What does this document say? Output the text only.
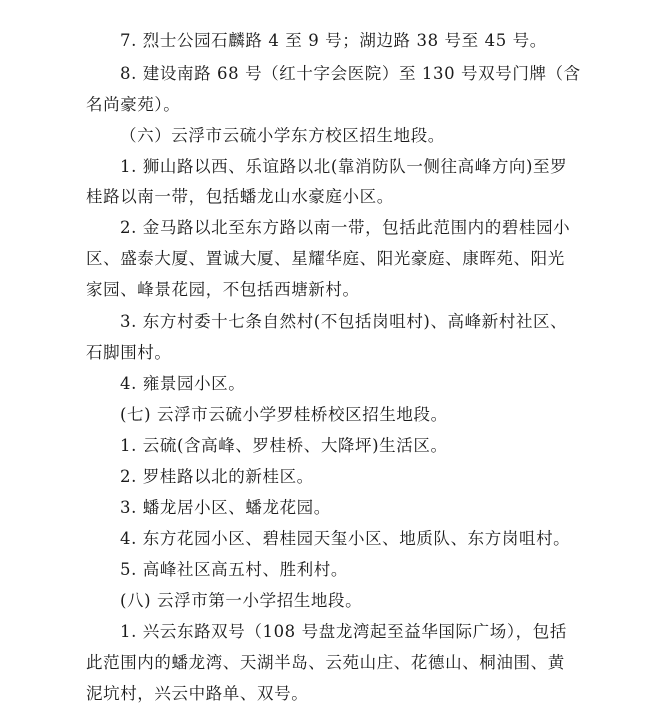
7. 烈士公园石麟路 4 至 9 号；湖边路 38 号至 45 号。
8. 建设南路 68 号（红十字会医院）至 130 号双号门牌（含
名尚豪苑）。
（六）云浮市云硫小学东方校区招生地段。
1. 狮山路以西、乐谊路以北(靠消防队一侧往高峰方向)至罗
桂路以南一带，包括蟠龙山水豪庭小区。
2. 金马路以北至东方路以南一带，包括此范围内的碧桂园小
区、盛泰大厦、置诚大厦、星耀华庭、阳光豪庭、康晖苑、阳光
家园、峰景花园，不包括西塘新村。
3. 东方村委十七条自然村(不包括岗咀村)、高峰新村社区、
石脚围村。
4. 雍景园小区。
(七) 云浮市云硫小学罗桂桥校区招生地段。
1. 云硫(含高峰、罗桂桥、大降坪)生活区。
2. 罗桂路以北的新桂区。
3. 蟠龙居小区、蟠龙花园。
4. 东方花园小区、碧桂园天玺小区、地质队、东方岗咀村。
5. 高峰社区高五村、胜利村。
(八) 云浮市第一小学招生地段。
1. 兴云东路双号（108 号盘龙湾起至益华国际广场），包括
此范围内的蟠龙湾、天湖半岛、云苑山庄、花德山、桐油围、黄
泥坑村，兴云中路单、双号。
